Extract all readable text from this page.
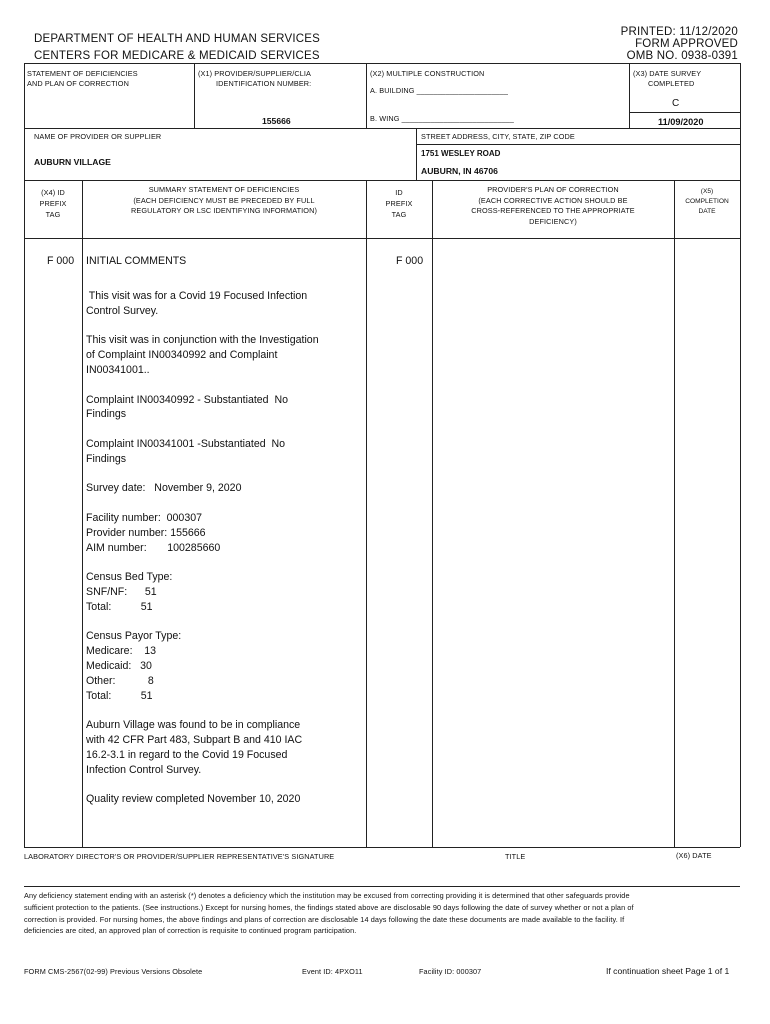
DEPARTMENT OF HEALTH AND HUMAN SERVICES
CENTERS FOR MEDICARE & MEDICAID SERVICES
PRINTED: 11/12/2020
FORM APPROVED
OMB NO. 0938-0391
STATEMENT OF DEFICIENCIES
AND PLAN OF CORRECTION
(X1) PROVIDER/SUPPLIER/CLIA
IDENTIFICATION NUMBER:
155666
(X2) MULTIPLE CONSTRUCTION
A. BUILDING ______________________
B. WING ___________________________
(X3) DATE SURVEY
COMPLETED
C
11/09/2020
NAME OF PROVIDER OR SUPPLIER
AUBURN VILLAGE
STREET ADDRESS, CITY, STATE, ZIP CODE
1751 WESLEY ROAD
AUBURN, IN 46706
(X4) ID
PREFIX
TAG
SUMMARY STATEMENT OF DEFICIENCIES
(EACH DEFICIENCY MUST BE PRECEDED BY FULL
REGULATORY OR LSC IDENTIFYING INFORMATION)
ID
PREFIX
TAG
PROVIDER'S PLAN OF CORRECTION
(EACH CORRECTIVE ACTION SHOULD BE
CROSS-REFERENCED TO THE APPROPRIATE
DEFICIENCY)
(X5)
COMPLETION
DATE
F 000 INITIAL COMMENTS	F 000
This visit was for a Covid 19 Focused Infection
Control Survey.
This visit was in conjunction with the Investigation
of Complaint IN00340992 and Complaint
IN00341001..
Complaint IN00340992 - Substantiated  No
Findings
Complaint IN00341001 -Substantiated  No
Findings
Survey date:   November 9, 2020
Facility number:  000307
Provider number: 155666
AIM number:       100285660
Census Bed Type:
SNF/NF:      51
Total:          51
Census Payor Type:
Medicare:    13
Medicaid:   30
Other:           8
Total:          51
Auburn Village was found to be in compliance
with 42 CFR Part 483, Subpart B and 410 IAC
16.2-3.1 in regard to the Covid 19 Focused
Infection Control Survey.
Quality review completed November 10, 2020
LABORATORY DIRECTOR'S OR PROVIDER/SUPPLIER REPRESENTATIVE'S SIGNATURE	TITLE	(X6) DATE
Any deficiency statement ending with an asterisk (*) denotes a deficiency which the institution may be excused from correcting providing it is determined that other safeguards provide sufficient protection to the patients. (See instructions.) Except for nursing homes, the findings stated above are disclosable 90 days following the date of survey whether or not a plan of correction is provided. For nursing homes, the above findings and plans of correction are disclosable 14 days following the date these documents are made available to the facility. If deficiencies are cited, an approved plan of correction is requisite to continued program participation.
FORM CMS-2567(02-99) Previous Versions Obsolete	Event ID: 4PXO11	Facility ID: 000307	If continuation sheet Page 1 of 1
